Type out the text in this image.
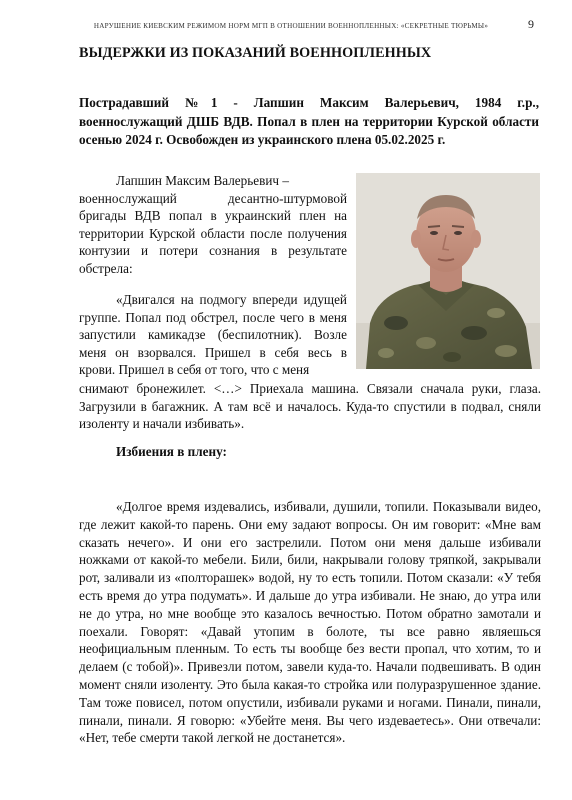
НАРУШЕНИЕ КИЕВСКИМ РЕЖИМОМ НОРМ МГП В ОТНОШЕНИИ ВОЕННОПЛЕННЫХ: «СЕКРЕТНЫЕ ТЮРЬМЫ»	9
ВЫДЕРЖКИ ИЗ ПОКАЗАНИЙ ВОЕННОПЛЕННЫХ
Пострадавший №1 - Лапшин Максим Валерьевич, 1984 г.р., военнослужащий ДШБ ВДВ. Попал в плен на территории Курской области осенью 2024 г. Освобожден из украинского плена 05.02.2025 г.
Лапшин Максим Валерьевич –
военнослужащий десантно-штурмовой бригады ВДВ попал в украинский плен на территории Курской области после получения контузии и потери сознания в результате обстрела:
«Двигался на подмогу впереди идущей группе. Попал под обстрел, после чего в меня запустили камикадзе (беспилотник). Возле меня он взорвался. Пришел в себя весь в крови. Пришел в себя от того, что с меня
снимают бронежилет. <…> Приехала машина. Связали сначала руки, глаза. Загрузили в багажник. А там всё и началось. Куда-то спустили в подвал, сняли изоленту и начали избивать».
Избиения в плену:
«Долгое время издевались, избивали, душили, топили. Показывали видео, где лежит какой-то парень. Они ему задают вопросы. Он им говорит: «Мне вам сказать нечего». И они его застрелили. Потом они меня дальше избивали ножками от какой-то мебели. Били, били, накрывали голову тряпкой, закрывали рот, заливали из «полторашек» водой, ну то есть топили. Потом сказали: «У тебя есть время до утра подумать». И дальше до утра избивали. Не знаю, до утра или не до утра, но мне вообще это казалось вечностью. Потом обратно замотали и поехали. Говорят: «Давай утопим в болоте, ты все равно являешься неофициальным пленным. То есть ты вообще без вести пропал, что хотим, то и делаем (с тобой)». Привезли потом, завели куда-то. Начали подвешивать. В один момент сняли изоленту. Это была какая-то стройка или полуразрушенное здание. Там тоже повисел, потом опустили, избивали руками и ногами. Пинали, пинали, пинали, пинали. Я говорю: «Убейте меня. Вы чего издеваетесь». Они отвечали: «Нет, тебе смерти такой легкой не достанется».
